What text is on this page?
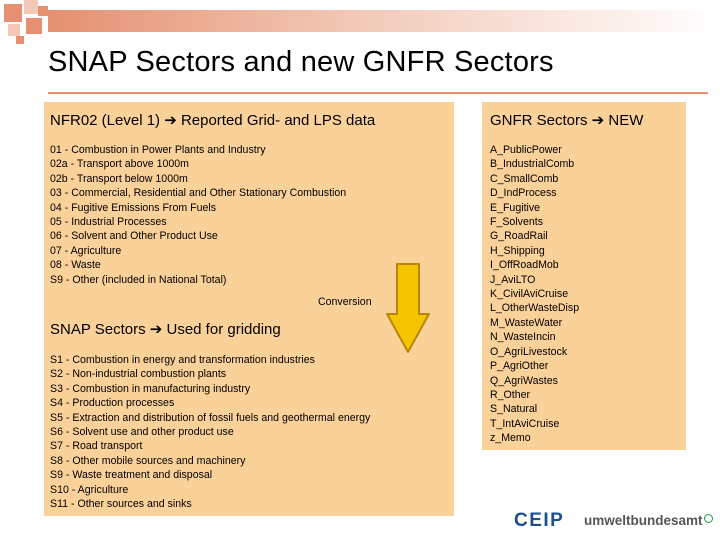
SNAP Sectors and new GNFR Sectors
NFR02 (Level 1) ➔ Reported Grid- and LPS data
01 - Combustion in Power Plants and Industry
02a - Transport above 1000m
02b - Transport below 1000m
03 - Commercial, Residential and Other Stationary Combustion
04 - Fugitive Emissions From Fuels
05 - Industrial Processes
06 - Solvent and Other Product Use
07 - Agriculture
08 - Waste
S9 - Other (included in National Total)
SNAP Sectors ➔ Used for gridding
S1 - Combustion in energy and transformation industries
S2 - Non-industrial combustion plants
S3 - Combustion in manufacturing industry
S4 - Production processes
S5 - Extraction and distribution of fossil fuels and geothermal energy
S6 - Solvent use and other product use
S7 - Road transport
S8 - Other mobile sources and machinery
S9 - Waste treatment and disposal
S10 - Agriculture
S11 - Other sources and sinks
Conversion
GNFR Sectors ➔ NEW
A_PublicPower
B_IndustrialComb
C_SmallComb
D_IndProcess
E_Fugitive
F_Solvents
G_RoadRail
H_Shipping
I_OffRoadMob
J_AviLTO
K_CivilAviCruise
L_OtherWasteDisp
M_WasteWater
N_WasteIncin
O_AgriLivestock
P_AgriOther
Q_AgriWastes
R_Other
S_Natural
T_IntAviCruise
z_Memo
CEIP umweltbundesamt
